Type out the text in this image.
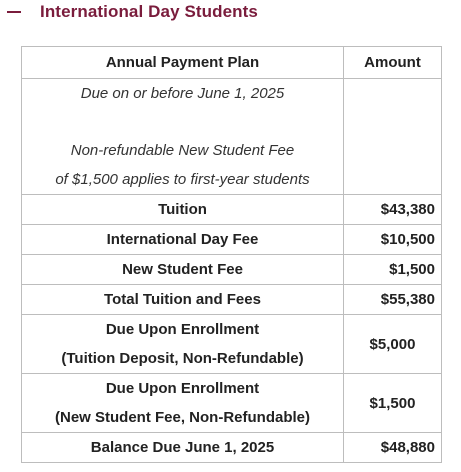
International Day Students
Annual Payment Plan	Amount

Due on or before June 1, 2025
Non-refundable New Student Fee
of $1,500 applies to first-year students	

Tuition	$43,380
International Day Fee	$10,500
New Student Fee	$1,500
Total Tuition and Fees	$55,380

Due Upon Enrollment
(Tuition Deposit, Non-Refundable)	$5,000

Due Upon Enrollment
(New Student Fee, Non-Refundable)	$1,500
Balance Due June 1, 2025	$48,880
